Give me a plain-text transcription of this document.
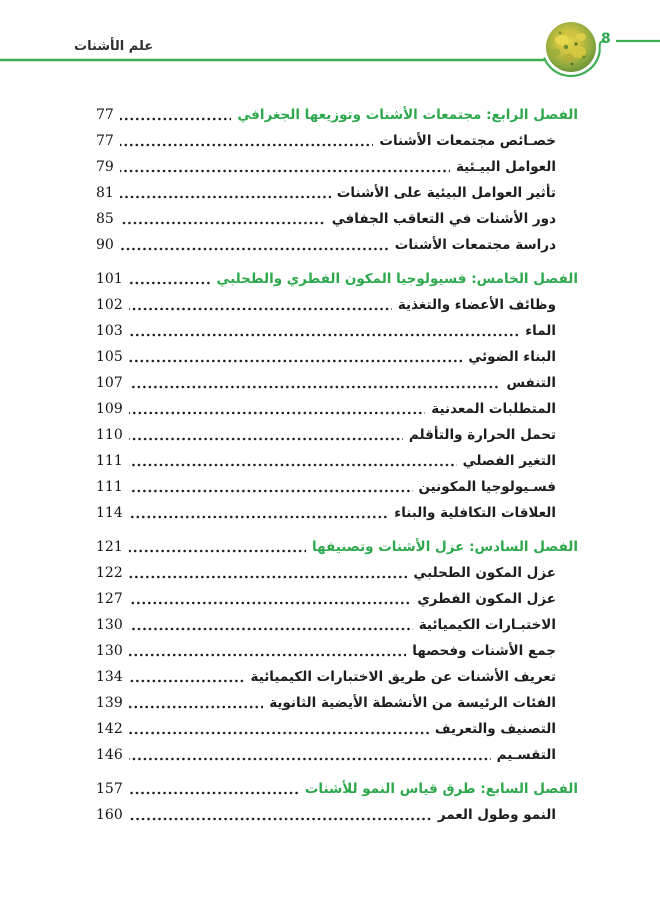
علم الأشنات	8
الفصل الرابع: مجتمعات الأشنات وتوزيعها الجغرافي
77
خصـائص مجتمعات الأشنات
77
العوامل البيـئية
79
تأثير العوامل البيئية على الأشنات
81
دور الأشنات في التعاقب الجفافي
85
دراسة مجتمعات الأشنات
90
الفصل الخامس: فسيولوجيا المكون الفطري والطحلبي
101
وظائف الأعضاء والتغذية
102
الماء
103
البناء الضوئي
105
التنفس
107
المتطلبات المعدنية
109
تحمل الحرارة والتأقلم
110
التغير الفصلي
111
فسـيولوجيا المكونين
111
العلاقات التكافلية والبناء
114
الفصل السادس: عزل الأشنات وتصنيفها
121
عزل المكون الطحلبي
122
عزل المكون الفطري
127
الاختبـارات الكيميائية
130
جمع الأشنات وفحصها
130
تعريف الأشنات عن طريق الاختبارات الكيميائية
134
الفئات الرئيسة من الأنشطة الأيضية الثانوية
139
التصنيف والتعريف
142
التقسـيم
146
الفصل السابع: طرق قياس النمو للأشنات
157
النمو وطول العمر
160
